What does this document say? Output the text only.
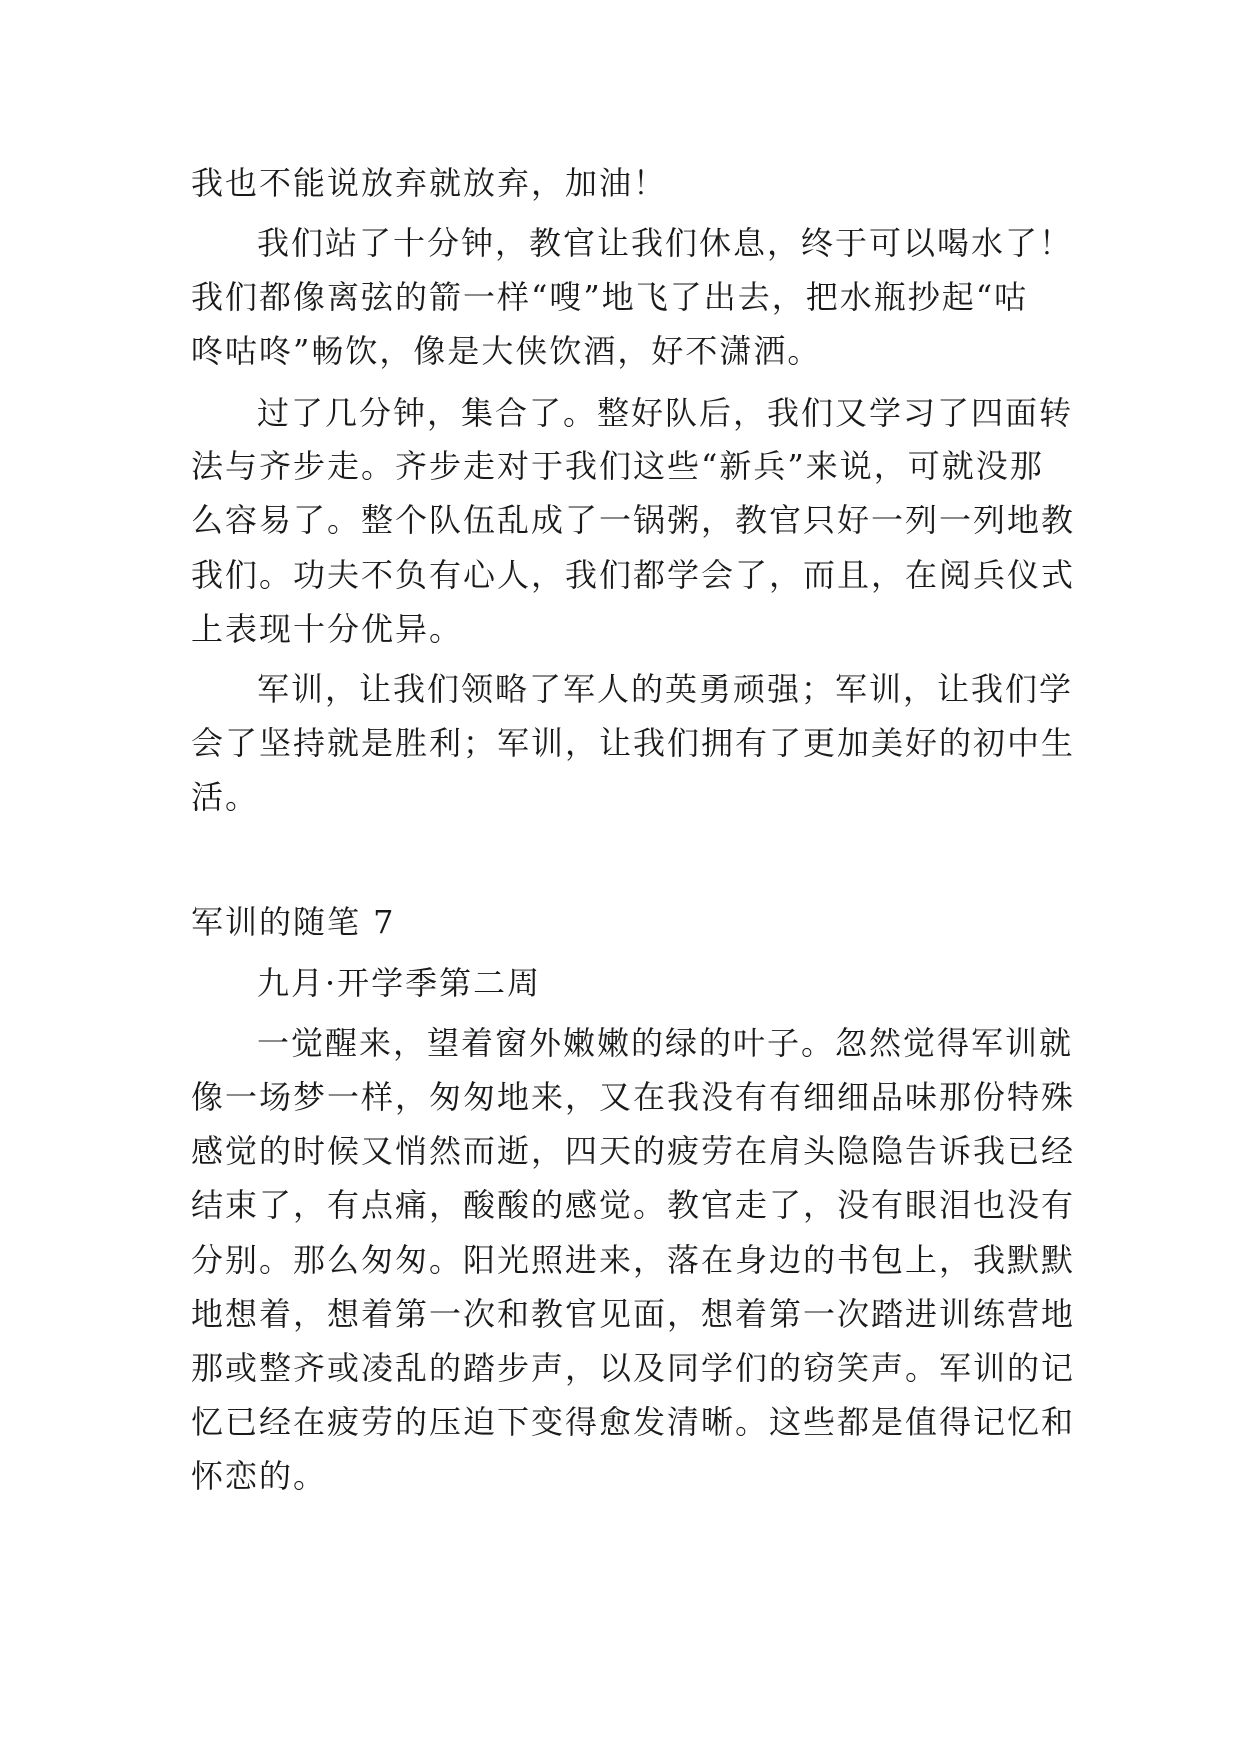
我也不能说放弃就放弃，加油！
我们站了十分钟，教官让我们休息，终于可以喝水了！
我们都像离弦的箭一样“嗖”地飞了出去，把水瓶抄起“咕
咚咕咚”畅饮，像是大侠饮酒，好不潇洒。
过了几分钟，集合了。整好队后，我们又学习了四面转
法与齐步走。齐步走对于我们这些“新兵”来说，可就没那
么容易了。整个队伍乱成了一锅粥，教官只好一列一列地教
我们。功夫不负有心人，我们都学会了，而且，在阅兵仪式
上表现十分优异。
军训，让我们领略了军人的英勇顽强；军训，让我们学
会了坚持就是胜利；军训，让我们拥有了更加美好的初中生
活。
军训的随笔 7
九月·开学季第二周
一觉醒来，望着窗外嫩嫩的绿的叶子。忽然觉得军训就
像一场梦一样，匆匆地来，又在我没有有细细品味那份特殊
感觉的时候又悄然而逝，四天的疲劳在肩头隐隐告诉我已经
结束了，有点痛，酸酸的感觉。教官走了，没有眼泪也没有
分别。那么匆匆。阳光照进来，落在身边的书包上，我默默
地想着，想着第一次和教官见面，想着第一次踏进训练营地
那或整齐或凌乱的踏步声，以及同学们的窃笑声。军训的记
忆已经在疲劳的压迫下变得愈发清晰。这些都是值得记忆和
怀恋的。
